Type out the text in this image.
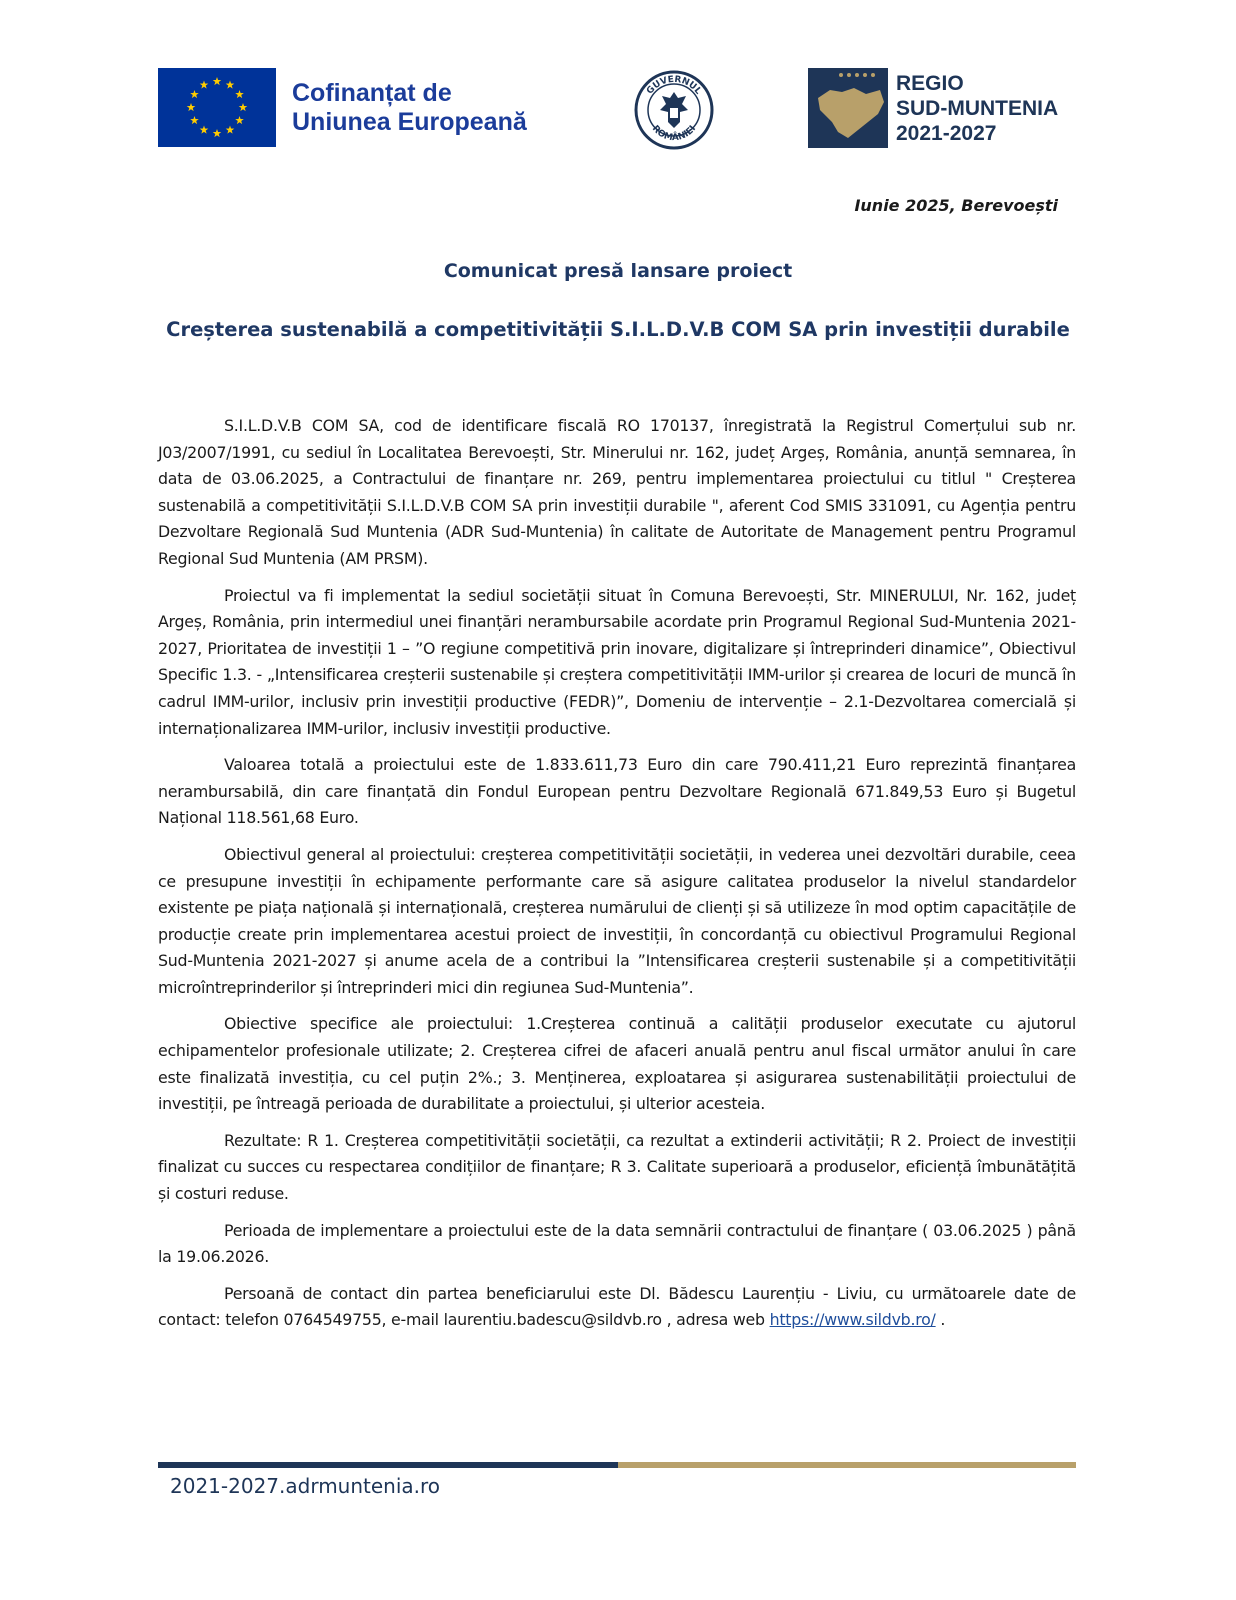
Cofinanțat de
Uniunea Europeană
GUVERNUL
ROMÂNIEI
REGIO
SUD-MUNTENIA
2021-2027
Iunie 2025, Berevoești
Comunicat presă lansare proiect
Creșterea sustenabilă a competitivității S.I.L.D.V.B COM SA prin investiții durabile

S.I.L.D.V.B COM SA, cod de identificare fiscală RO 170137, înregistrată la Registrul Comerțului sub nr. J03/2007/1991, cu sediul în Localitatea Berevoești, Str. Minerului nr. 162, județ Argeș, România, anunță semnarea, în data de 03.06.2025, a Contractului de finanțare nr. 269, pentru implementarea proiectului cu titlul " Creșterea sustenabilă a competitivității S.I.L.D.V.B COM SA prin investiții durabile ", aferent Cod SMIS 331091, cu Agenția pentru Dezvoltare Regională Sud Muntenia (ADR Sud-Muntenia) în calitate de Autoritate de Management pentru Programul Regional Sud Muntenia (AM PRSM).

Proiectul va fi implementat la sediul societății situat în Comuna Berevoești, Str. MINERULUI, Nr. 162, județ Argeș, România, prin intermediul unei finanțări nerambursabile acordate prin Programul Regional Sud-Muntenia 2021-2027, Prioritatea de investiții 1 – ”O regiune competitivă prin inovare, digitalizare și întreprinderi dinamice”, Obiectivul Specific 1.3. - „Intensificarea creșterii sustenabile și creștera competitivității IMM-urilor și crearea de locuri de muncă în cadrul IMM-urilor, inclusiv prin investiții productive (FEDR)”, Domeniu de intervenție – 2.1-Dezvoltarea comercială și internaționalizarea IMM-urilor, inclusiv investiții productive.

Valoarea totală a proiectului este de 1.833.611,73 Euro din care 790.411,21 Euro reprezintă finanțarea nerambursabilă, din care finanțată din Fondul European pentru Dezvoltare Regională 671.849,53 Euro și Bugetul Național 118.561,68 Euro.

Obiectivul general al proiectului: creșterea competitivității societății, in vederea unei dezvoltări durabile, ceea ce presupune investiții în echipamente performante care să asigure calitatea produselor la nivelul standardelor existente pe piața națională și internațională, creșterea numărului de clienți și să utilizeze în mod optim capacitățile de producție create prin implementarea acestui proiect de investiții, în concordanță cu obiectivul Programului Regional Sud-Muntenia 2021-2027 și anume acela de a contribui la ”Intensificarea creșterii sustenabile și a competitivității microîntreprinderilor și întreprinderi mici din regiunea Sud-Muntenia”.

Obiective specifice ale proiectului: 1.Creșterea continuă a calității produselor executate cu ajutorul echipamentelor profesionale utilizate; 2. Creșterea cifrei de afaceri anuală pentru anul fiscal următor anului în care este finalizată investiția, cu cel puțin 2%.; 3. Menținerea, exploatarea și asigurarea sustenabilității proiectului de investiții, pe întreagă perioada de durabilitate a proiectului, și ulterior acesteia.

Rezultate: R 1. Creșterea competitivității societății, ca rezultat a extinderii activității; R 2. Proiect de investiții finalizat cu succes cu respectarea condițiilor de finanțare; R 3. Calitate superioară a produselor, eficiență îmbunătățită și costuri reduse.

Perioada de implementare a proiectului este de la data semnării contractului de finanțare ( 03.06.2025 ) până la 19.06.2026.

Persoană de contact din partea beneficiarului este Dl. Bădescu Laurențiu - Liviu, cu următoarele date de contact: telefon 0764549755, e-mail laurentiu.badescu@sildvb.ro , adresa web https://www.sildvb.ro/ .

2021-2027.adrmuntenia.ro
